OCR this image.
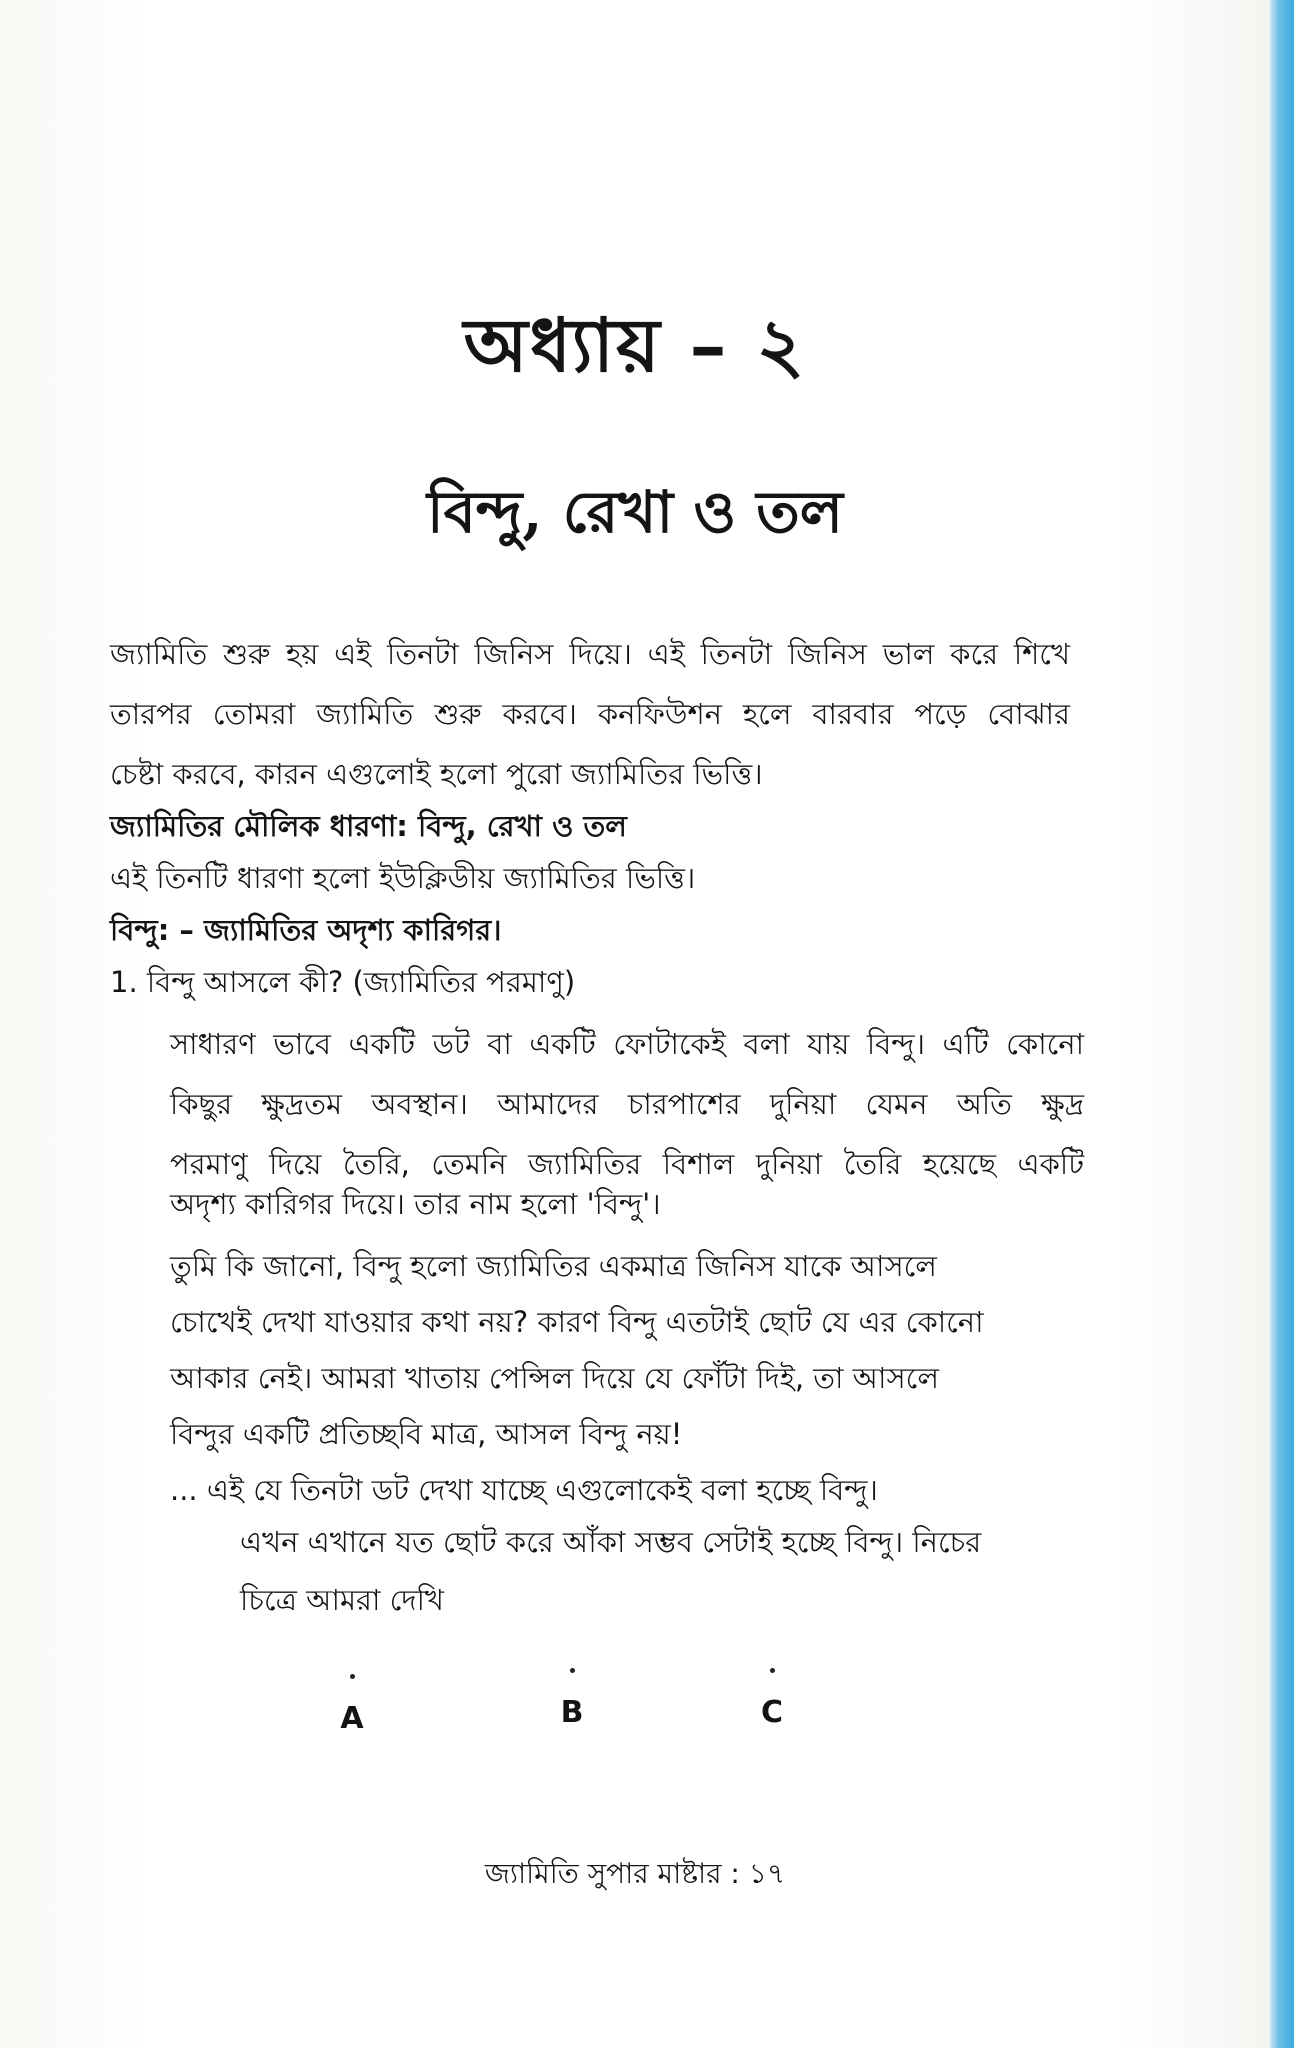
অধ্যায় – ২
বিন্দু, রেখা ও তল
জ্যামিতি শুরু হয় এই তিনটা জিনিস দিয়ে। এই তিনটা জিনিস ভাল করে শিখে
তারপর তোমরা জ্যামিতি শুরু করবে। কনফিউশন হলে বারবার পড়ে বোঝার
চেষ্টা করবে, কারন এগুলোই হলো পুরো জ্যামিতির ভিত্তি।
জ্যামিতির মৌলিক ধারণা: বিন্দু, রেখা ও তল
এই তিনটি ধারণা হলো ইউক্লিডীয় জ্যামিতির ভিত্তি।
বিন্দু: – জ্যামিতির অদৃশ্য কারিগর।
1. বিন্দু আসলে কী? (জ্যামিতির পরমাণু)
সাধারণ ভাবে একটি ডট বা একটি ফোটাকেই বলা যায় বিন্দু। এটি কোনো
কিছুর ক্ষুদ্রতম অবস্থান। আমাদের চারপাশের দুনিয়া যেমন অতি ক্ষুদ্র
পরমাণু দিয়ে তৈরি, তেমনি জ্যামিতির বিশাল দুনিয়া তৈরি হয়েছে একটি
অদৃশ্য কারিগর দিয়ে। তার নাম হলো 'বিন্দু'।
তুমি কি জানো, বিন্দু হলো জ্যামিতির একমাত্র জিনিস যাকে আসলে
চোখেই দেখা যাওয়ার কথা নয়? কারণ বিন্দু এতটাই ছোট যে এর কোনো
আকার নেই। আমরা খাতায় পেন্সিল দিয়ে যে ফোঁটা দিই, তা আসলে
বিন্দুর একটি প্রতিচ্ছবি মাত্র, আসল বিন্দু নয়!
... এই যে তিনটা ডট দেখা যাচ্ছে এগুলোকেই বলা হচ্ছে বিন্দু।
এখন এখানে যত ছোট করে আঁকা সম্ভব সেটাই হচ্ছে বিন্দু। নিচের
চিত্রে আমরা দেখি
A	B	C
জ্যামিতি সুপার মাষ্টার : ১৭
